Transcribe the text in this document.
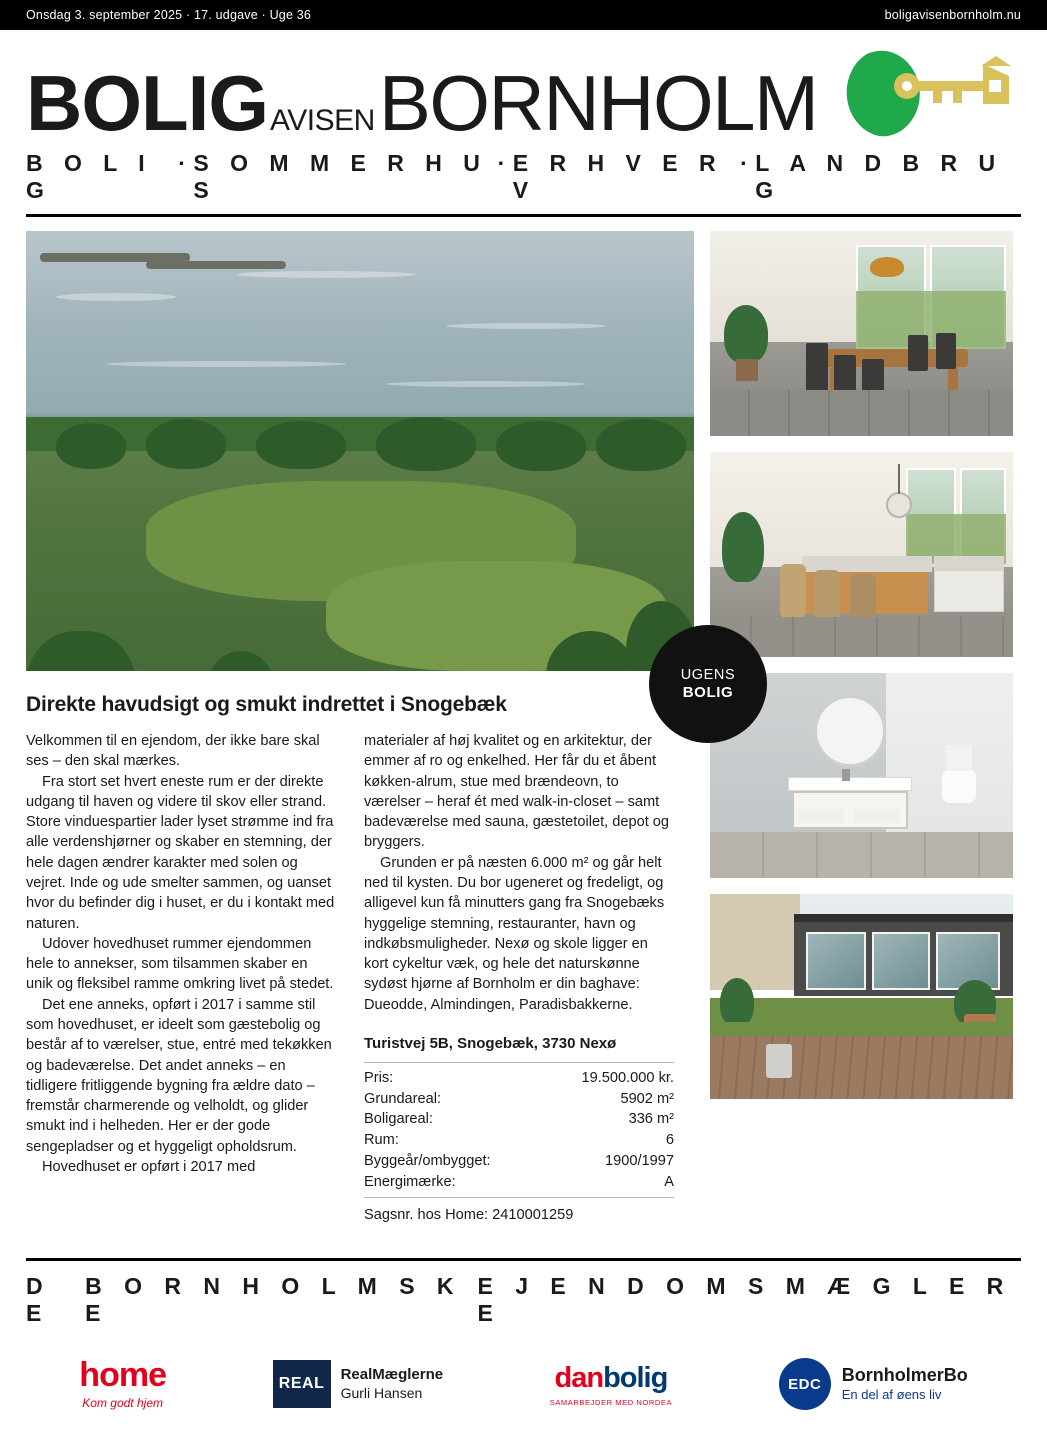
Onsdag 3. september 2025 · 17. udgave · Uge 36	boligavisenbornholm.nu
BOLIG AVISEN BORNHOLM
B O L I G
· S O M M E R H U S
· E R H V E R V
· L A N D B R U G
Direkte havudsigt og smukt indrettet i Snogebæk

Velkommen til en ejendom, der ikke bare skal ses – den skal mærkes.

Fra stort set hvert eneste rum er der direkte udgang til haven og videre til skov eller strand. Store vinduespartier lader lyset strømme ind fra alle verdenshjørner og skaber en stemning, der hele dagen ændrer karakter med solen og vejret. Inde og ude smelter sammen, og uanset hvor du befinder dig i huset, er du i kontakt med naturen.

Udover hovedhuset rummer ejendommen hele to annekser, som tilsammen skaber en unik og fleksibel ramme omkring livet på stedet.

Det ene anneks, opført i 2017 i samme stil som hovedhuset, er ideelt som gæstebolig og består af to værelser, stue, entré med tekøkken og badeværelse. Det andet anneks – en tidligere fritliggende bygning fra ældre dato – fremstår charmerende og velholdt, og glider smukt ind i helheden. Her er der gode sengepladser og et hyggeligt opholdsrum.

Hovedhuset er opført i 2017 med

materialer af høj kvalitet og en arkitektur, der emmer af ro og enkelhed. Her får du et åbent køkken-alrum, stue med brændeovn, to værelser – heraf ét med walk-in-closet – samt badeværelse med sauna, gæstetoilet, depot og bryggers.

Grunden er på næsten 6.000 m² og går helt ned til kysten. Du bor ugeneret og fredeligt, og alligevel kun få minutters gang fra Snogebæks hyggelige stemning, restauranter, havn og indkøbsmuligheder. Nexø og skole ligger en kort cykeltur væk, og hele det naturskønne sydøst hjørne af Bornholm er din baghave: Dueodde, Almindingen, Paradisbakkerne.

Turistvej 5B, Snogebæk, 3730 Nexø
Pris:	19.500.000 kr.
Grundareal:	5902 m²
Boligareal:	336 m²
Rum:	6
Byggeår/ombygget:	1900/1997
Energimærke:	A
Sagsnr. hos Home: 2410001259
UGENS
BOLIG
D E
B O R N H O L M S K E
E J E N D O M S M Æ G L E R E
home
Kom godt hjem
REAL
RealMæglerne
Gurli Hansen	danbolig
SAMARBEJDER MED NORDEA
EDC	BornholmerBo
En del af øens liv
